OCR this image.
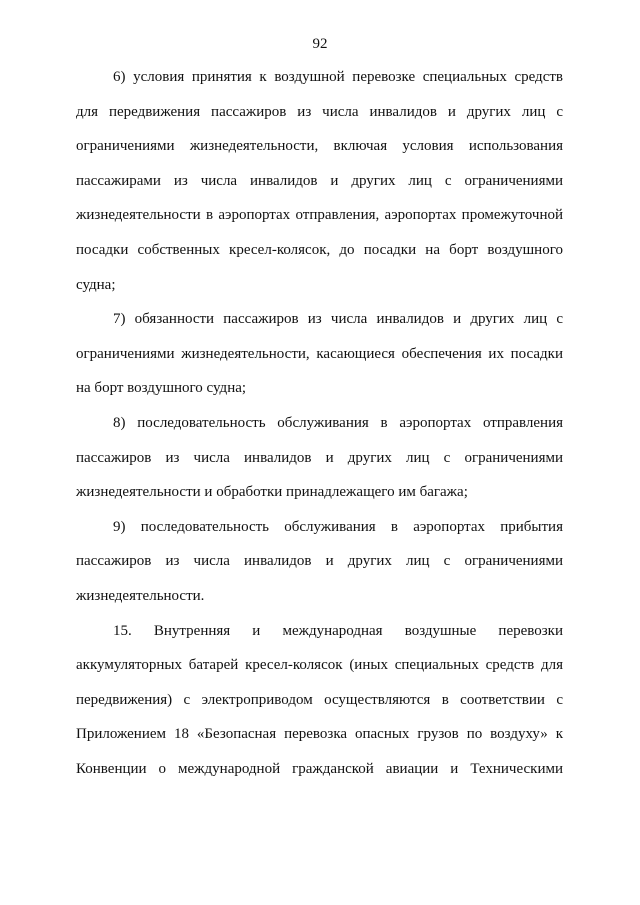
92

6) условия принятия к воздушной перевозке специальных средств
для передвижения пассажиров из числа инвалидов и других лиц с
ограничениями жизнедеятельности, включая условия использования
пассажирами из числа инвалидов и других лиц с ограничениями
жизнедеятельности в аэропортах отправления, аэропортах промежуточной
посадки собственных кресел-колясок, до посадки на борт воздушного
судна;

7) обязанности пассажиров из числа инвалидов и других лиц с
ограничениями жизнедеятельности, касающиеся обеспечения их посадки
на борт воздушного судна;

8) последовательность обслуживания в аэропортах отправления
пассажиров из числа инвалидов и других лиц с ограничениями
жизнедеятельности и обработки принадлежащего им багажа;

9) последовательность обслуживания в аэропортах прибытия
пассажиров из числа инвалидов и других лиц с ограничениями
жизнедеятельности.

15. Внутренняя и международная воздушные перевозки
аккумуляторных батарей кресел-колясок (иных специальных средств для
передвижения) с электроприводом осуществляются в соответствии с
Приложением 18 «Безопасная перевозка опасных грузов по воздуху» к
Конвенции о международной гражданской авиации и Техническими
